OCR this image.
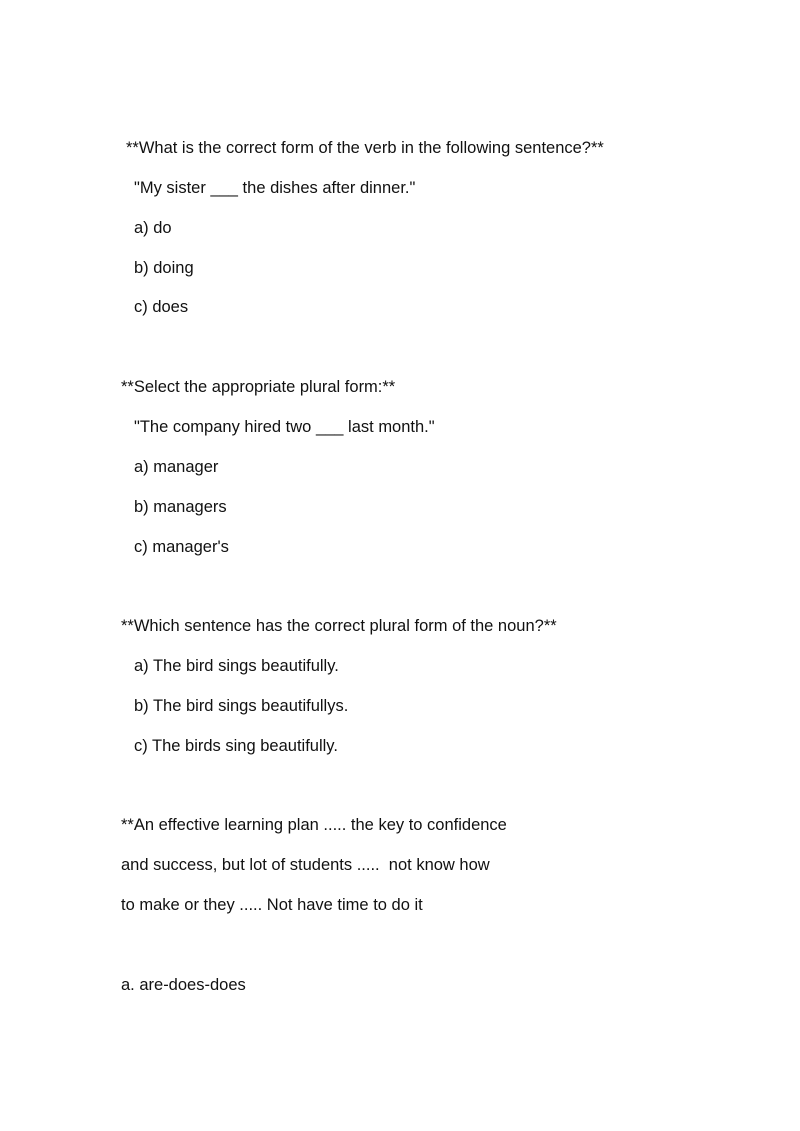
**What is the correct form of the verb in the following sentence?**
"My sister ___ the dishes after dinner."
a) do
b) doing
c) does
**Select the appropriate plural form:**
"The company hired two ___ last month."
a) manager
b) managers
c) manager's
**Which sentence has the correct plural form of the noun?**
a) The bird sings beautifully.
b) The bird sings beautifullys.
c) The birds sing beautifully.
**An effective learning plan ..... the key to confidence
and success, but lot of students .....  not know how
to make or they ..... Not have time to do it
a. are-does-does
